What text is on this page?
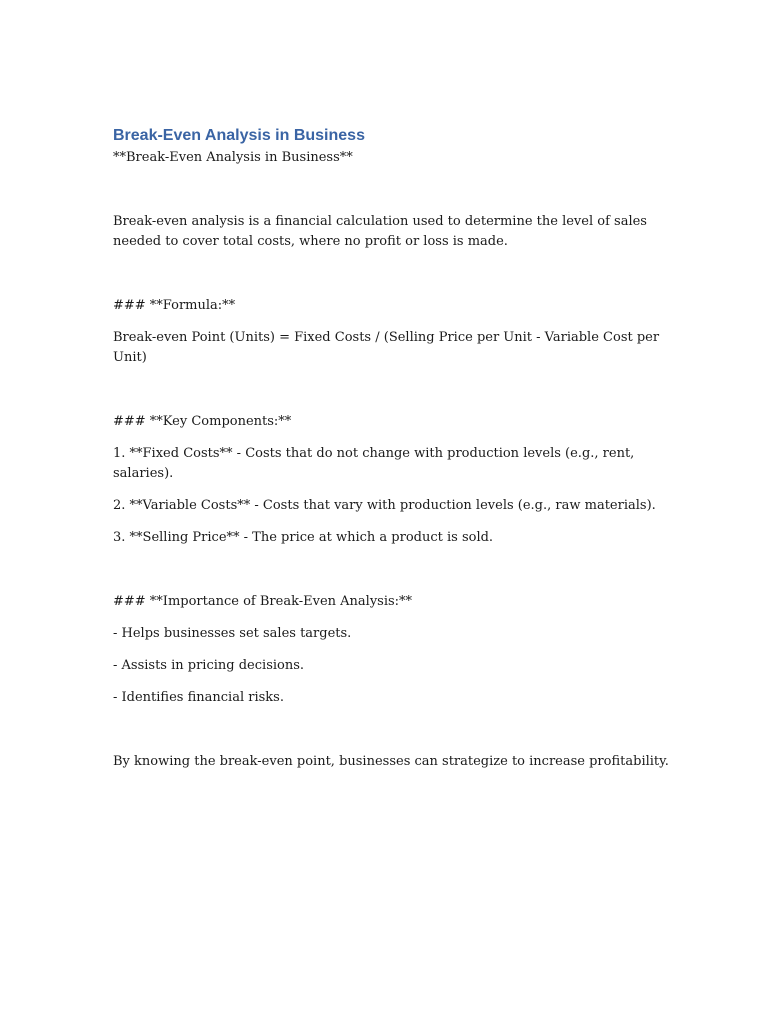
Break-Even Analysis in Business

**Break-Even Analysis in Business**

Break-even analysis is a financial calculation used to determine the level of sales needed to cover total costs, where no profit or loss is made.

### **Formula:**

Break-even Point (Units) = Fixed Costs / (Selling Price per Unit - Variable Cost per Unit)

### **Key Components:**

1. **Fixed Costs** - Costs that do not change with production levels (e.g., rent, salaries).

2. **Variable Costs** - Costs that vary with production levels (e.g., raw materials).

3. **Selling Price** - The price at which a product is sold.

### **Importance of Break-Even Analysis:**

- Helps businesses set sales targets.

- Assists in pricing decisions.

- Identifies financial risks.

By knowing the break-even point, businesses can strategize to increase profitability.
